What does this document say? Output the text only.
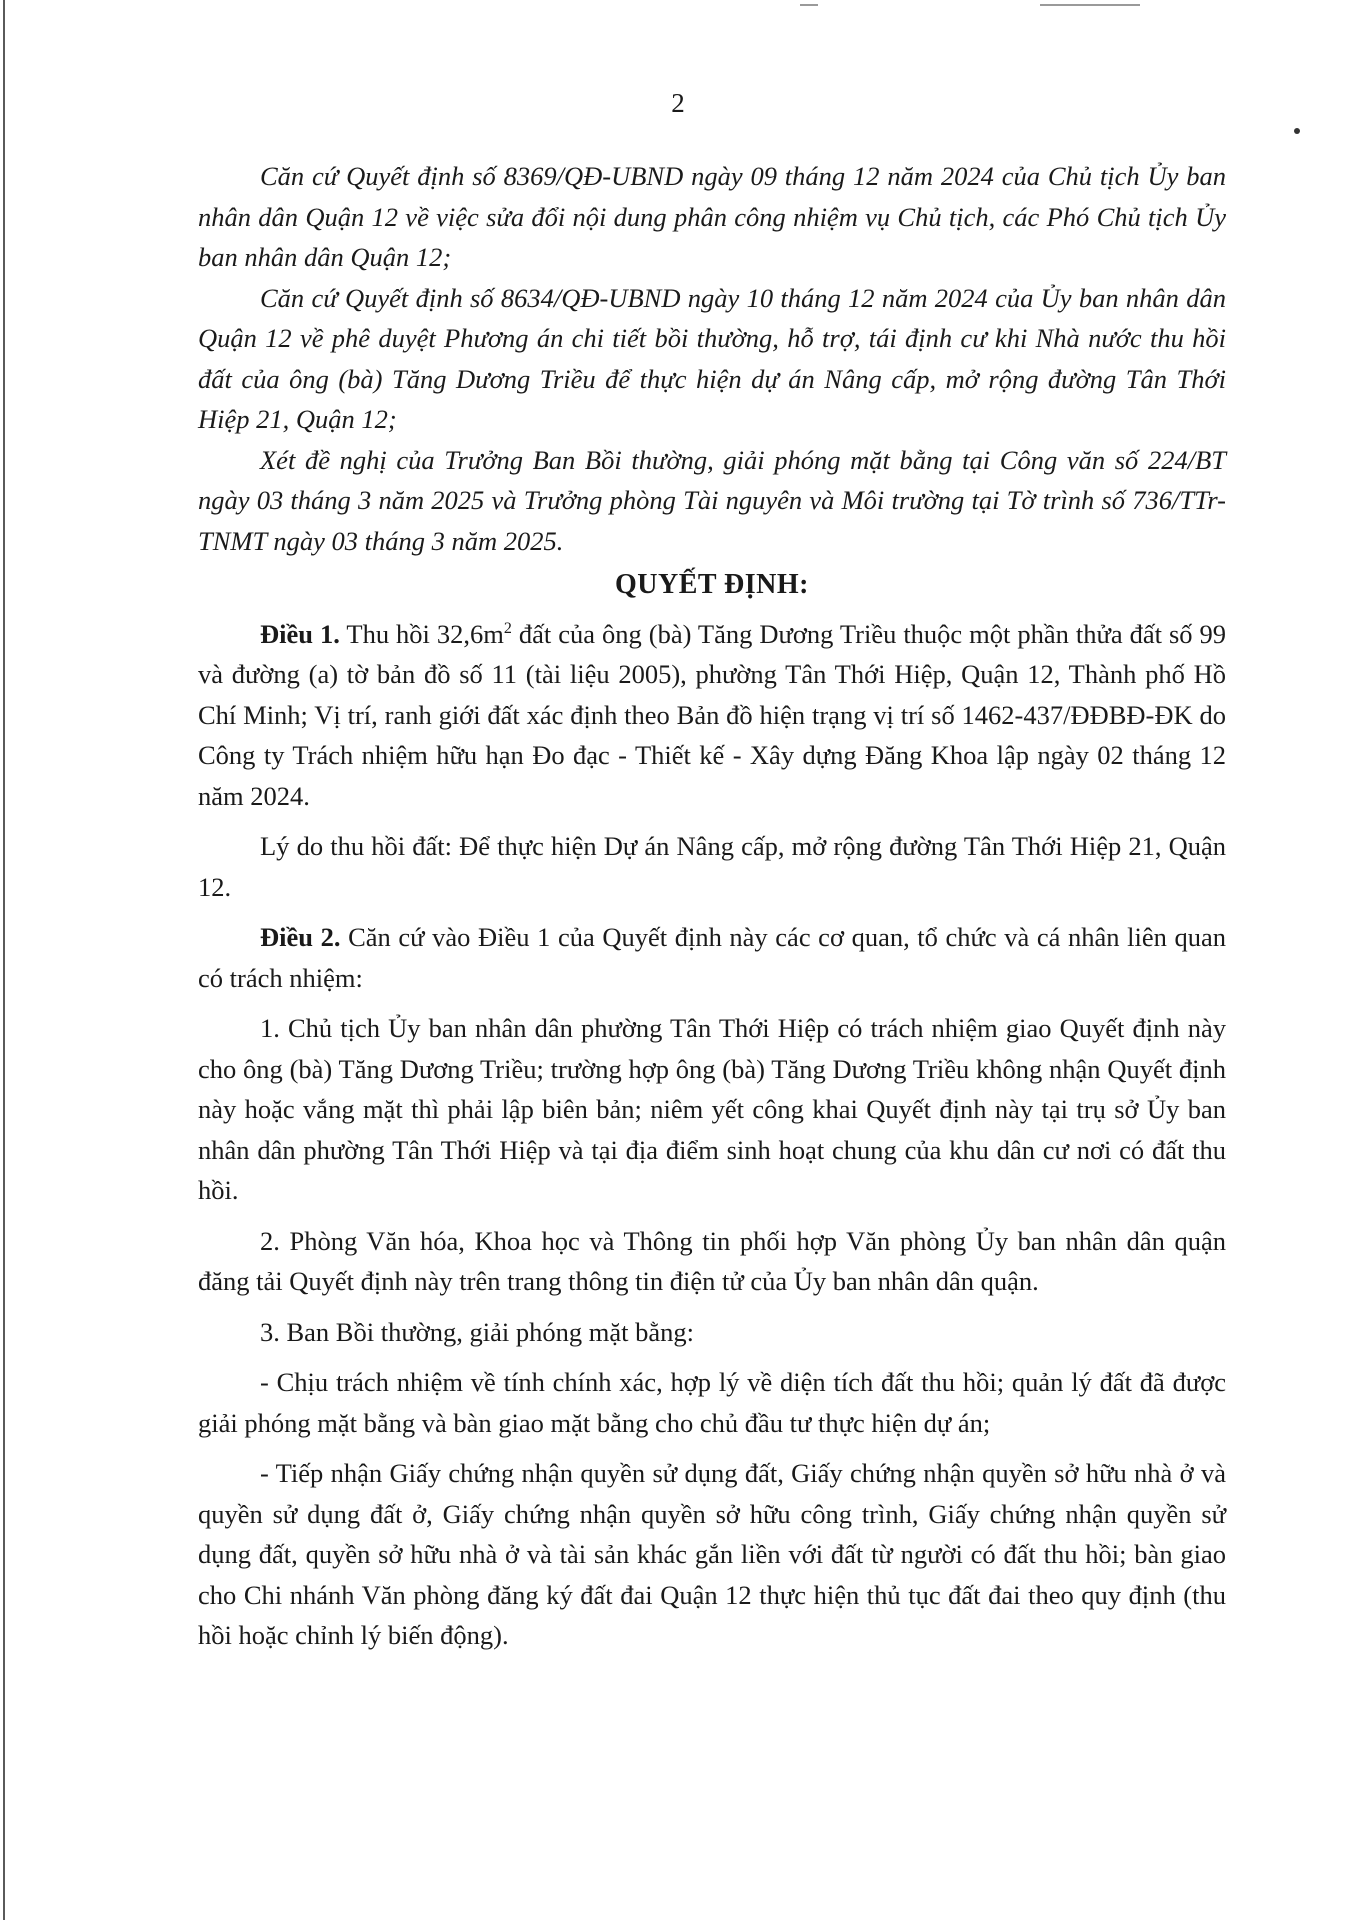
2

Căn cứ Quyết định số 8369/QĐ-UBND ngày 09 tháng 12 năm 2024 của Chủ tịch Ủy ban nhân dân Quận 12 về việc sửa đổi nội dung phân công nhiệm vụ Chủ tịch, các Phó Chủ tịch Ủy ban nhân dân Quận 12;

Căn cứ Quyết định số 8634/QĐ-UBND ngày 10 tháng 12 năm 2024 của Ủy ban nhân dân Quận 12 về phê duyệt Phương án chi tiết bồi thường, hỗ trợ, tái định cư khi Nhà nước thu hồi đất của ông (bà) Tăng Dương Triều để thực hiện dự án Nâng cấp, mở rộng đường Tân Thới Hiệp 21, Quận 12;

Xét đề nghị của Trưởng Ban Bồi thường, giải phóng mặt bằng tại Công văn số 224/BT ngày 03 tháng 3 năm 2025 và Trưởng phòng Tài nguyên và Môi trường tại Tờ trình số 736/TTr-TNMT ngày 03 tháng 3 năm 2025.

QUYẾT ĐỊNH:

Điều 1. Thu hồi $32,6m^2$ đất của ông (bà) Tăng Dương Triều thuộc một phần thửa đất số 99 và đường (a) tờ bản đồ số 11 (tài liệu 2005), phường Tân Thới Hiệp, Quận 12, Thành phố Hồ Chí Minh; Vị trí, ranh giới đất xác định theo Bản đồ hiện trạng vị trí số 1462-437/ĐĐBĐ-ĐK do Công ty Trách nhiệm hữu hạn Đo đạc - Thiết kế - Xây dựng Đăng Khoa lập ngày 02 tháng 12 năm 2024.

Lý do thu hồi đất: Để thực hiện Dự án Nâng cấp, mở rộng đường Tân Thới Hiệp 21, Quận 12.

Điều 2. Căn cứ vào Điều 1 của Quyết định này các cơ quan, tổ chức và cá nhân liên quan có trách nhiệm:

1. Chủ tịch Ủy ban nhân dân phường Tân Thới Hiệp có trách nhiệm giao Quyết định này cho ông (bà) Tăng Dương Triều; trường hợp ông (bà) Tăng Dương Triều không nhận Quyết định này hoặc vắng mặt thì phải lập biên bản; niêm yết công khai Quyết định này tại trụ sở Ủy ban nhân dân phường Tân Thới Hiệp và tại địa điểm sinh hoạt chung của khu dân cư nơi có đất thu hồi.

2. Phòng Văn hóa, Khoa học và Thông tin phối hợp Văn phòng Ủy ban nhân dân quận đăng tải Quyết định này trên trang thông tin điện tử của Ủy ban nhân dân quận.

3. Ban Bồi thường, giải phóng mặt bằng:

- Chịu trách nhiệm về tính chính xác, hợp lý về diện tích đất thu hồi; quản lý đất đã được giải phóng mặt bằng và bàn giao mặt bằng cho chủ đầu tư thực hiện dự án;

- Tiếp nhận Giấy chứng nhận quyền sử dụng đất, Giấy chứng nhận quyền sở hữu nhà ở và quyền sử dụng đất ở, Giấy chứng nhận quyền sở hữu công trình, Giấy chứng nhận quyền sử dụng đất, quyền sở hữu nhà ở và tài sản khác gắn liền với đất từ người có đất thu hồi; bàn giao cho Chi nhánh Văn phòng đăng ký đất đai Quận 12 thực hiện thủ tục đất đai theo quy định (thu hồi hoặc chỉnh lý biến động).
